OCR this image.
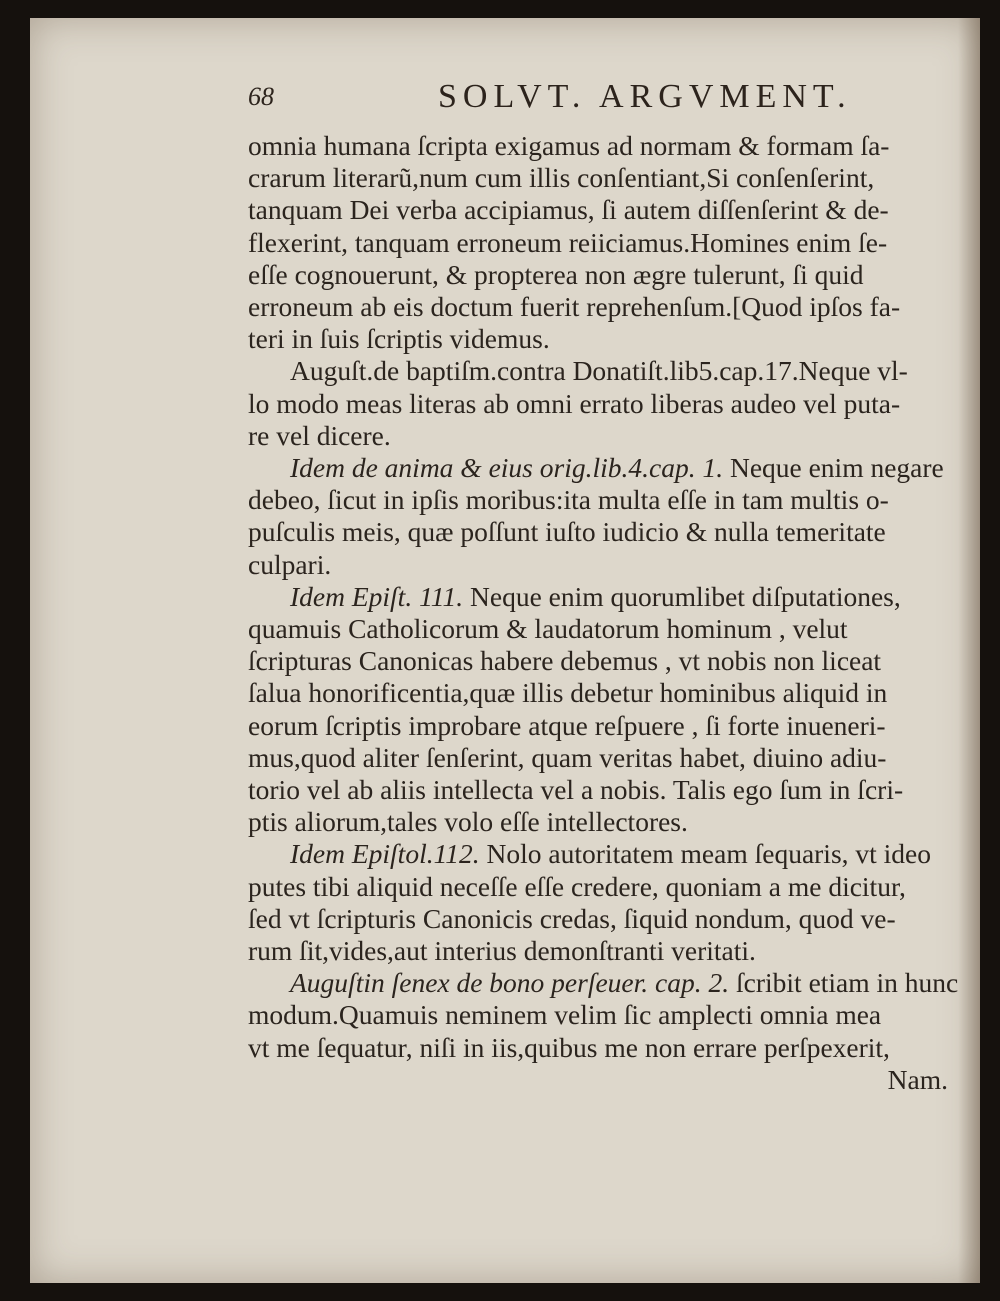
68	SOLVT. ARGVMENT.
omnia humana ſcripta exigamus ad normam & formam ſa-
crarum literarũ,num cum illis conſentiant,Si conſenſerint,
tanquam Dei verba accipiamus, ſi autem diſſenſerint & de-
flexerint, tanquam erroneum reiiciamus.Homines enim ſe-
eſſe cognouerunt, & propterea non ægre tulerunt, ſi quid
erroneum ab eis doctum fuerit reprehenſum.[Quod ipſos fa-
teri in ſuis ſcriptis videmus.
Auguſt.de baptiſm.contra Donatiſt.lib5.cap.17.Neque vl-
lo modo meas literas ab omni errato liberas audeo vel puta-
re vel dicere.
Idem de anima & eius orig.lib.4.cap. 1. Neque enim negare
debeo, ſicut in ipſis moribus:ita multa eſſe in tam multis o-
puſculis meis, quæ poſſunt iuſto iudicio & nulla temeritate
culpari.
Idem Epiſt. 111. Neque enim quorumlibet diſputationes,
quamuis Catholicorum & laudatorum hominum , velut
ſcripturas Canonicas habere debemus , vt nobis non liceat
ſalua honorificentia,quæ illis debetur hominibus aliquid in
eorum ſcriptis improbare atque reſpuere , ſi forte inueneri-
mus,quod aliter ſenſerint, quam veritas habet, diuino adiu-
torio vel ab aliis intellecta vel a nobis. Talis ego ſum in ſcri-
ptis aliorum,tales volo eſſe intellectores.
Idem Epiſtol.112. Nolo autoritatem meam ſequaris, vt ideo
putes tibi aliquid neceſſe eſſe credere, quoniam a me dicitur,
ſed vt ſcripturis Canonicis credas, ſiquid nondum, quod ve-
rum ſit,vides,aut interius demonſtranti veritati.
Auguſtin ſenex de bono perſeuer. cap. 2. ſcribit etiam in hunc
modum.Quamuis neminem velim ſic amplecti omnia mea
vt me ſequatur, niſi in iis,quibus me non errare perſpexerit,
Nam.
